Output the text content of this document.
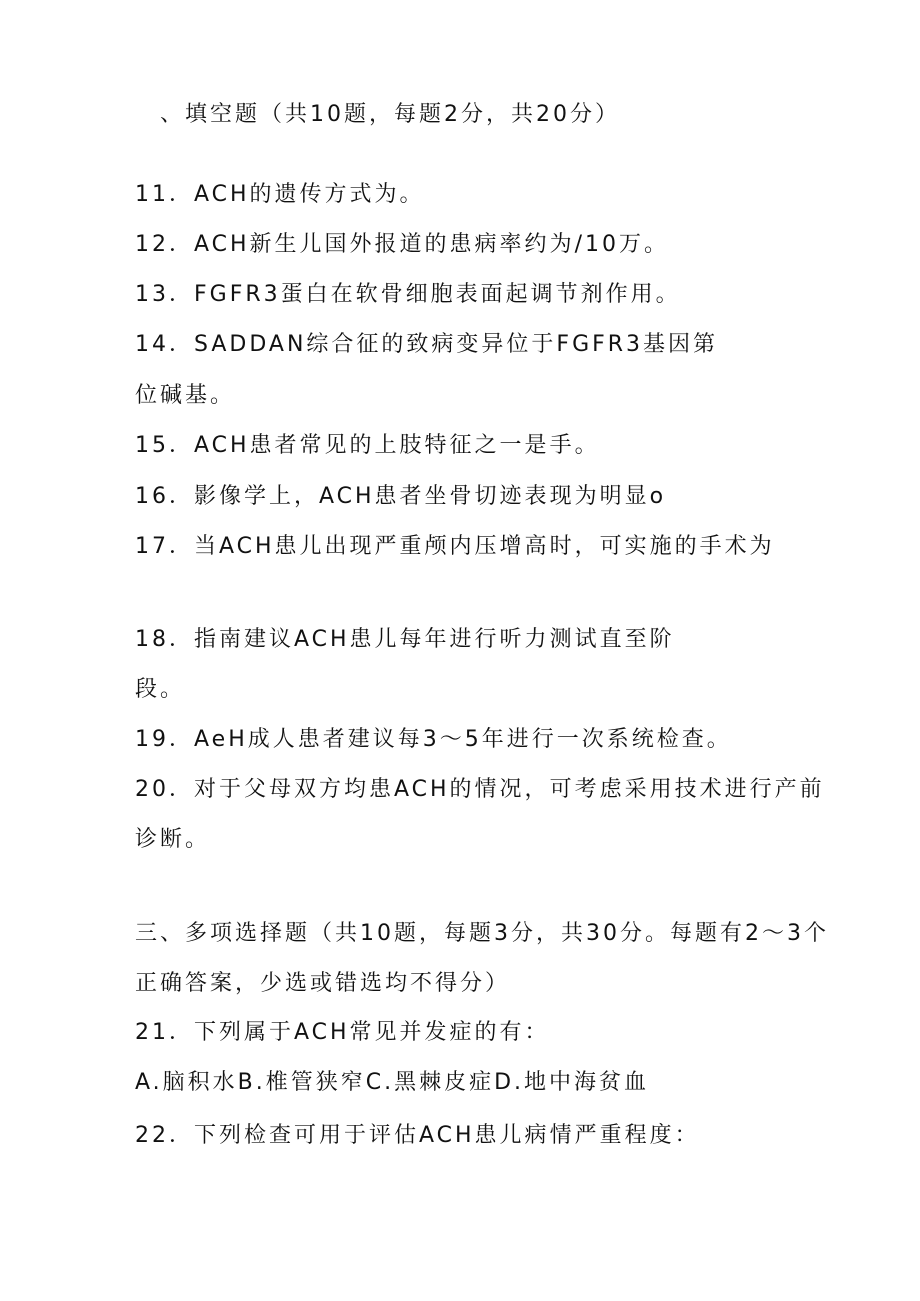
、填空题（共10题，每题2分，共20分）
11．ACH的遗传方式为。
12．ACH新生儿国外报道的患病率约为/10万。
13．FGFR3蛋白在软骨细胞表面起调节剂作用。
14．SADDAN综合征的致病变异位于FGFR3基因第
位碱基。
15．ACH患者常见的上肢特征之一是手。
16．影像学上，ACH患者坐骨切迹表现为明显o
17．当ACH患儿出现严重颅内压增高时，可实施的手术为
18．指南建议ACH患儿每年进行听力测试直至阶
段。
19．AeH成人患者建议每3～5年进行一次系统检查。
20．对于父母双方均患ACH的情况，可考虑采用技术进行产前
诊断。
三、多项选择题（共10题，每题3分，共30分。每题有2～3个
正确答案，少选或错选均不得分）
21．下列属于ACH常见并发症的有：
A.脑积水B.椎管狭窄C.黑棘皮症D.地中海贫血
22．下列检查可用于评估ACH患儿病情严重程度：
